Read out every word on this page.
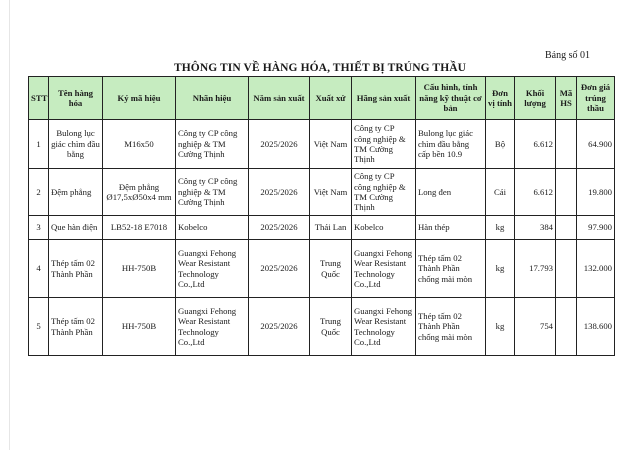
Bảng số 01
THÔNG TIN VỀ HÀNG HÓA, THIẾT BỊ TRÚNG THẦU
STT	Tên hàng hóa	Ký mã hiệu	Nhãn hiệu	Năm sản xuất	Xuất xứ	Hãng sản xuất	Cấu hình, tính năng kỹ thuật cơ bản	Đơn vị tính	Khối lượng	Mã HS	Đơn giá trúng thầu
1	Bulong lục giác chìm đầu bằng	M16x50	Công ty CP công nghiệp & TM Cường Thịnh	2025/2026	Việt Nam	Công ty CP công nghiệp & TM Cường Thịnh	Bulong lục giác chìm đầu bằng cấp bền 10.9	Bộ	6.612		64.900
2	Đệm phẳng	Đệm phẳng Ø17,5xØ50x4 mm	Công ty CP công nghiệp & TM Cường Thịnh	2025/2026	Việt Nam	Công ty CP công nghiệp & TM Cường Thịnh	Long đen	Cái	6.612		19.800
3	Que hàn điện	LB52-18 E7018	Kobelco	2025/2026	Thái Lan	Kobelco	Hàn thép	kg	384		97.900
4	Thép tấm 02 Thành Phần	HH-750B	Guangxi Fehong Wear Resistant Technology Co.,Ltd	2025/2026	Trung Quốc	Guangxi Fehong Wear Resistant Technology Co.,Ltd	Thép tấm 02 Thành Phần chống mài mòn	kg	17.793		132.000
5	Thép tấm 02 Thành Phần	HH-750B	Guangxi Fehong Wear Resistant Technology Co.,Ltd	2025/2026	Trung Quốc	Guangxi Fehong Wear Resistant Technology Co.,Ltd	Thép tấm 02 Thành Phần chống mài mòn	kg	754		138.600
